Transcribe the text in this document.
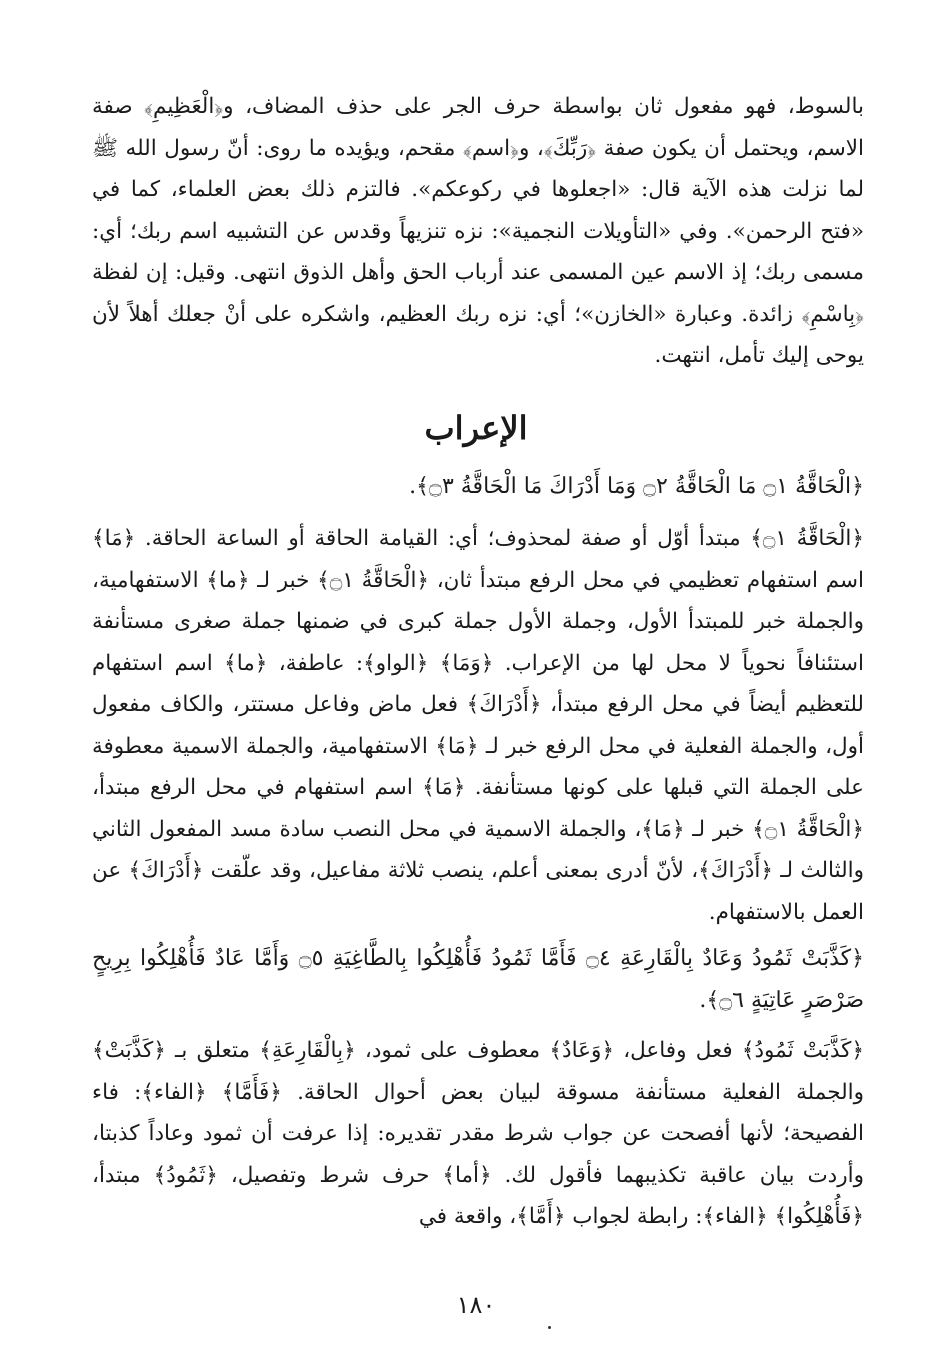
بالسوط، فهو مفعول ثان بواسطة حرف الجر على حذف المضاف، و﴿الْعَظِيمِ﴾ صفة الاسم، ويحتمل أن يكون صفة ﴿رَبِّكَ﴾، و﴿اسم﴾ مقحم، ويؤيده ما روى: أنّ رسول الله ﷺ لما نزلت هذه الآية قال: «اجعلوها في ركوعكم». فالتزم ذلك بعض العلماء، كما في «فتح الرحمن». وفي «التأويلات النجمية»: نزه تنزيهاً وقدس عن التشبيه اسم ربك؛ أي: مسمى ربك؛ إذ الاسم عين المسمى عند أرباب الحق وأهل الذوق انتهى. وقيل: إن لفظة ﴿بِاسْمِ﴾ زائدة. وعبارة «الخازن»؛ أي: نزه ربك العظيم، واشكره على أنْ جعلك أهلاً لأن يوحى إليك تأمل، انتهت.

الإعراب

﴿الْحَاقَّةُ ۝١ مَا الْحَاقَّةُ ۝٢ وَمَا أَدْرَاكَ مَا الْحَاقَّةُ ۝٣﴾.

﴿الْحَاقَّةُ ۝١﴾ مبتدأ أوّل أو صفة لمحذوف؛ أي: القيامة الحاقة أو الساعة الحاقة. ﴿مَا﴾ اسم استفهام تعظيمي في محل الرفع مبتدأ ثان، ﴿الْحَاقَّةُ ۝١﴾ خبر لـ ﴿ما﴾ الاستفهامية، والجملة خبر للمبتدأ الأول، وجملة الأول جملة كبرى في ضمنها جملة صغرى مستأنفة استئنافاً نحوياً لا محل لها من الإعراب. ﴿وَمَا﴾ ﴿الواو﴾: عاطفة، ﴿ما﴾ اسم استفهام للتعظيم أيضاً في محل الرفع مبتدأ، ﴿أَدْرَاكَ﴾ فعل ماض وفاعل مستتر، والكاف مفعول أول، والجملة الفعلية في محل الرفع خبر لـ ﴿مَا﴾ الاستفهامية، والجملة الاسمية معطوفة على الجملة التي قبلها على كونها مستأنفة. ﴿مَا﴾ اسم استفهام في محل الرفع مبتدأ، ﴿الْحَاقَّةُ ۝١﴾ خبر لـ ﴿مَا﴾، والجملة الاسمية في محل النصب سادة مسد المفعول الثاني والثالث لـ ﴿أَدْرَاكَ﴾، لأنّ أدرى بمعنى أعلم، ينصب ثلاثة مفاعيل، وقد علّقت ﴿أَدْرَاكَ﴾ عن العمل بالاستفهام.

﴿كَذَّبَتْ ثَمُودُ وَعَادٌ بِالْقَارِعَةِ ۝٤ فَأَمَّا ثَمُودُ فَأُهْلِكُوا بِالطَّاغِيَةِ ۝٥ وَأَمَّا عَادٌ فَأُهْلِكُوا بِرِيحٍ صَرْصَرٍ عَاتِيَةٍ ۝٦﴾.

﴿كَذَّبَتْ ثَمُودُ﴾ فعل وفاعل، ﴿وَعَادٌ﴾ معطوف على ثمود، ﴿بِالْقَارِعَةِ﴾ متعلق بـ ﴿كَذَّبَتْ﴾ والجملة الفعلية مستأنفة مسوقة لبيان بعض أحوال الحاقة. ﴿فَأَمَّا﴾ ﴿الفاء﴾: فاء الفصيحة؛ لأنها أفصحت عن جواب شرط مقدر تقديره: إذا عرفت أن ثمود وعاداً كذبتا، وأردت بيان عاقبة تكذيبهما فأقول لك. ﴿أما﴾ حرف شرط وتفصيل، ﴿ثَمُودُ﴾ مبتدأ، ﴿فَأُهْلِكُوا﴾ ﴿الفاء﴾: رابطة لجواب ﴿أَمَّا﴾، واقعة في

١٨٠
